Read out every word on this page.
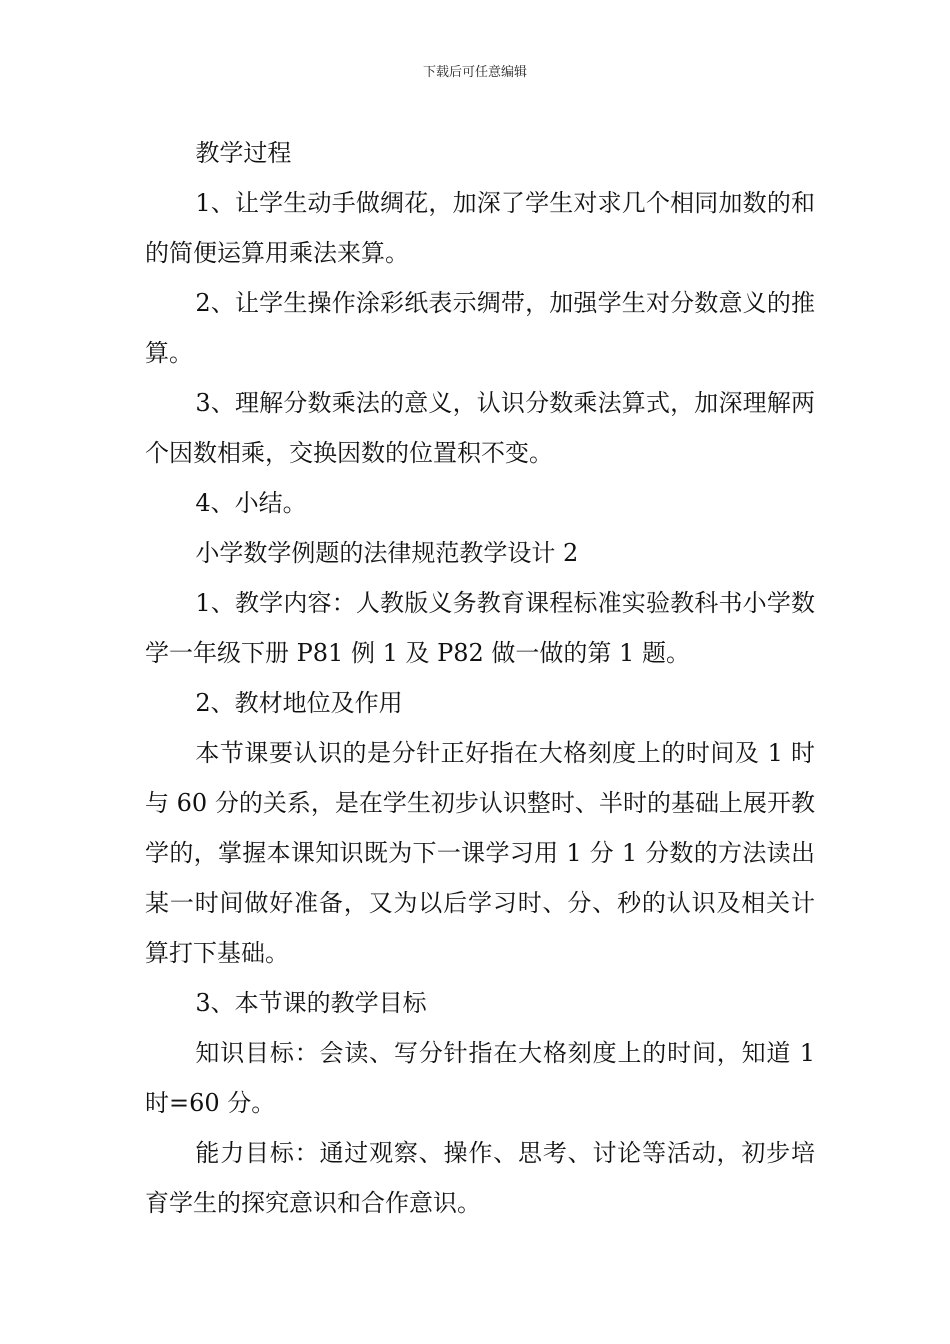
下载后可任意编辑

教学过程

1、让学生动手做绸花，加深了学生对求几个相同加数的和的简便运算用乘法来算。

2、让学生操作涂彩纸表示绸带，加强学生对分数意义的推算。

3、理解分数乘法的意义，认识分数乘法算式，加深理解两个因数相乘，交换因数的位置积不变。

4、小结。

小学数学例题的法律规范教学设计 2

1、教学内容：人教版义务教育课程标准实验教科书小学数学一年级下册 P81 例 1 及 P82 做一做的第 1 题。

2、教材地位及作用

本节课要认识的是分针正好指在大格刻度上的时间及 1 时与 60 分的关系，是在学生初步认识整时、半时的基础上展开教学的，掌握本课知识既为下一课学习用 1 分 1 分数的方法读出某一时间做好准备，又为以后学习时、分、秒的认识及相关计算打下基础。

3、本节课的教学目标

知识目标：会读、写分针指在大格刻度上的时间，知道 1 时=60 分。

能力目标：通过观察、操作、思考、讨论等活动，初步培育学生的探究意识和合作意识。
